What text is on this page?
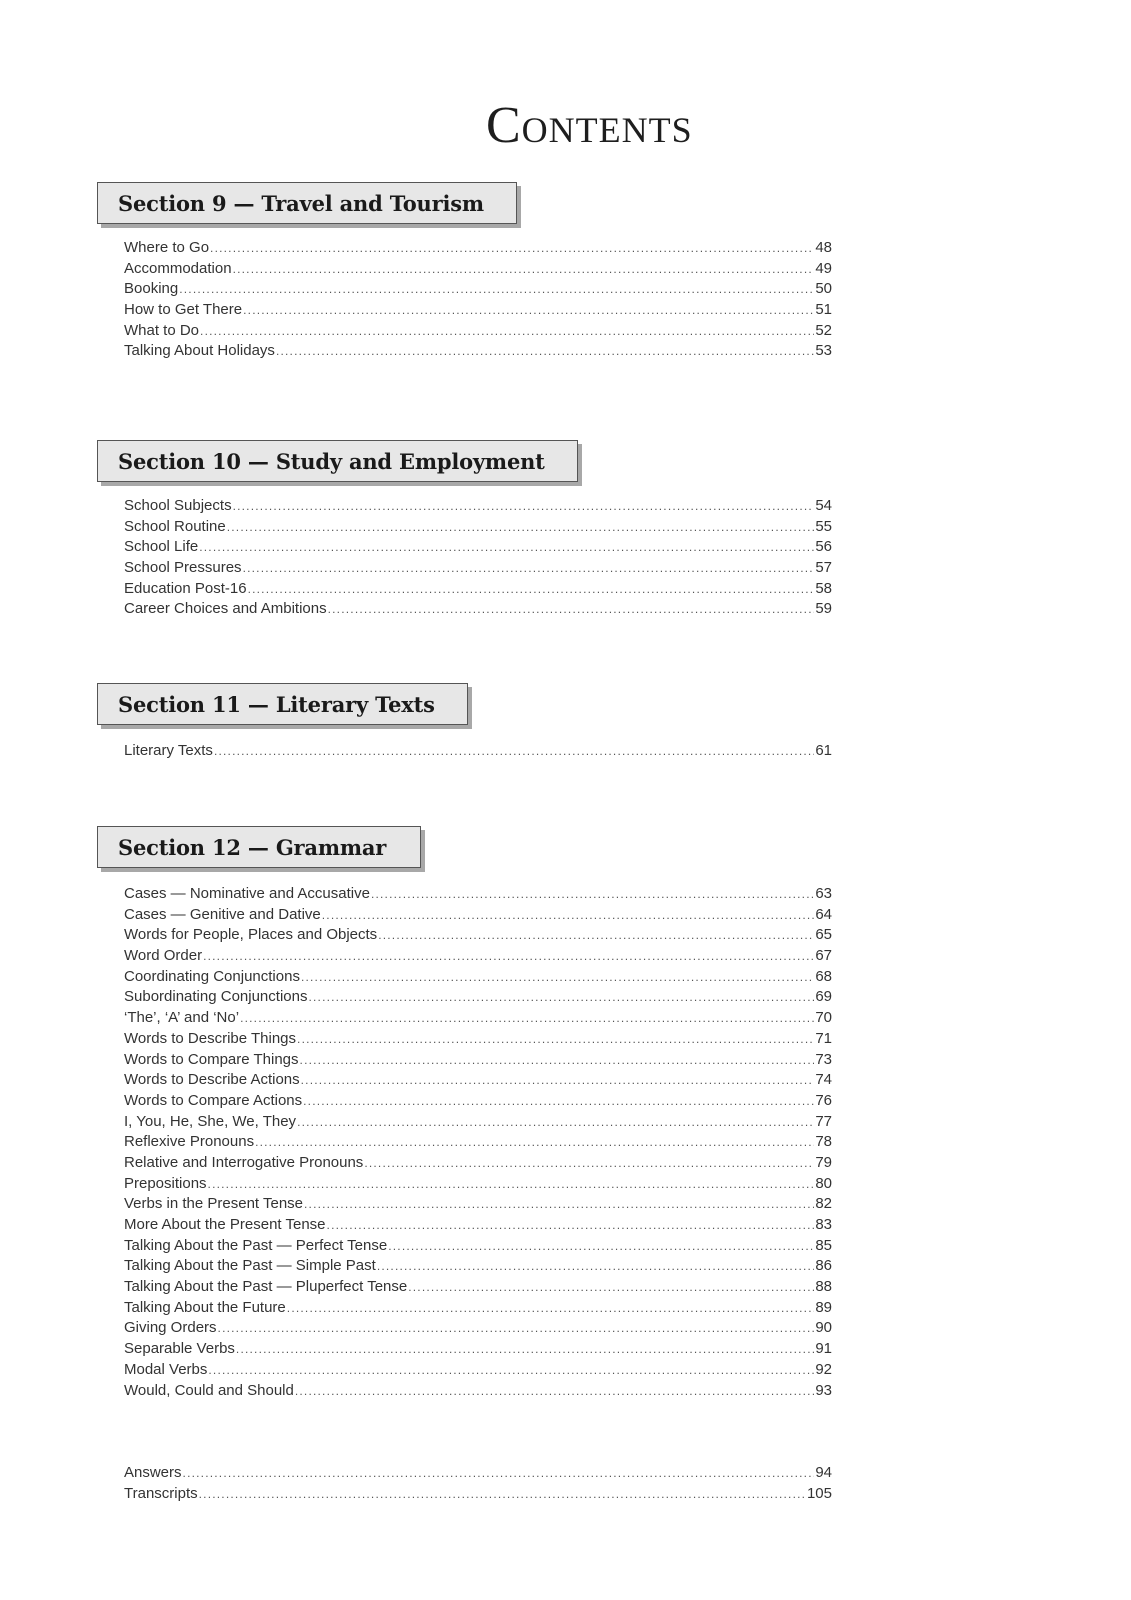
Contents
Section 9 — Travel and Tourism
Where to Go .....	48
Accommodation .....	49
Booking .....	50
How to Get There .....	51
What to Do .....	52
Talking About Holidays .....	53
Section 10 — Study and Employment
School Subjects .....	54
School Routine .....	55
School Life .....	56
School Pressures .....	57
Education Post-16 .....	58
Career Choices and Ambitions .....	59
Section 11 — Literary Texts
Literary Texts .....	61
Section 12 — Grammar
Cases — Nominative and Accusative .....	63
Cases — Genitive and Dative .....	64
Words for People, Places and Objects .....	65
Word Order .....	67
Coordinating Conjunctions .....	68
Subordinating Conjunctions .....	69
‘The’, ‘A’ and ‘No’ .....	70
Words to Describe Things .....	71
Words to Compare Things .....	73
Words to Describe Actions .....	74
Words to Compare Actions .....	76
I, You, He, She, We, They .....	77
Reflexive Pronouns .....	78
Relative and Interrogative Pronouns .....	79
Prepositions .....	80
Verbs in the Present Tense .....	82
More About the Present Tense .....	83
Talking About the Past — Perfect Tense .....	85
Talking About the Past — Simple Past .....	86
Talking About the Past — Pluperfect Tense .....	88
Talking About the Future .....	89
Giving Orders .....	90
Separable Verbs .....	91
Modal Verbs .....	92
Would, Could and Should .....	93
Answers .....	94
Transcripts .....	105
